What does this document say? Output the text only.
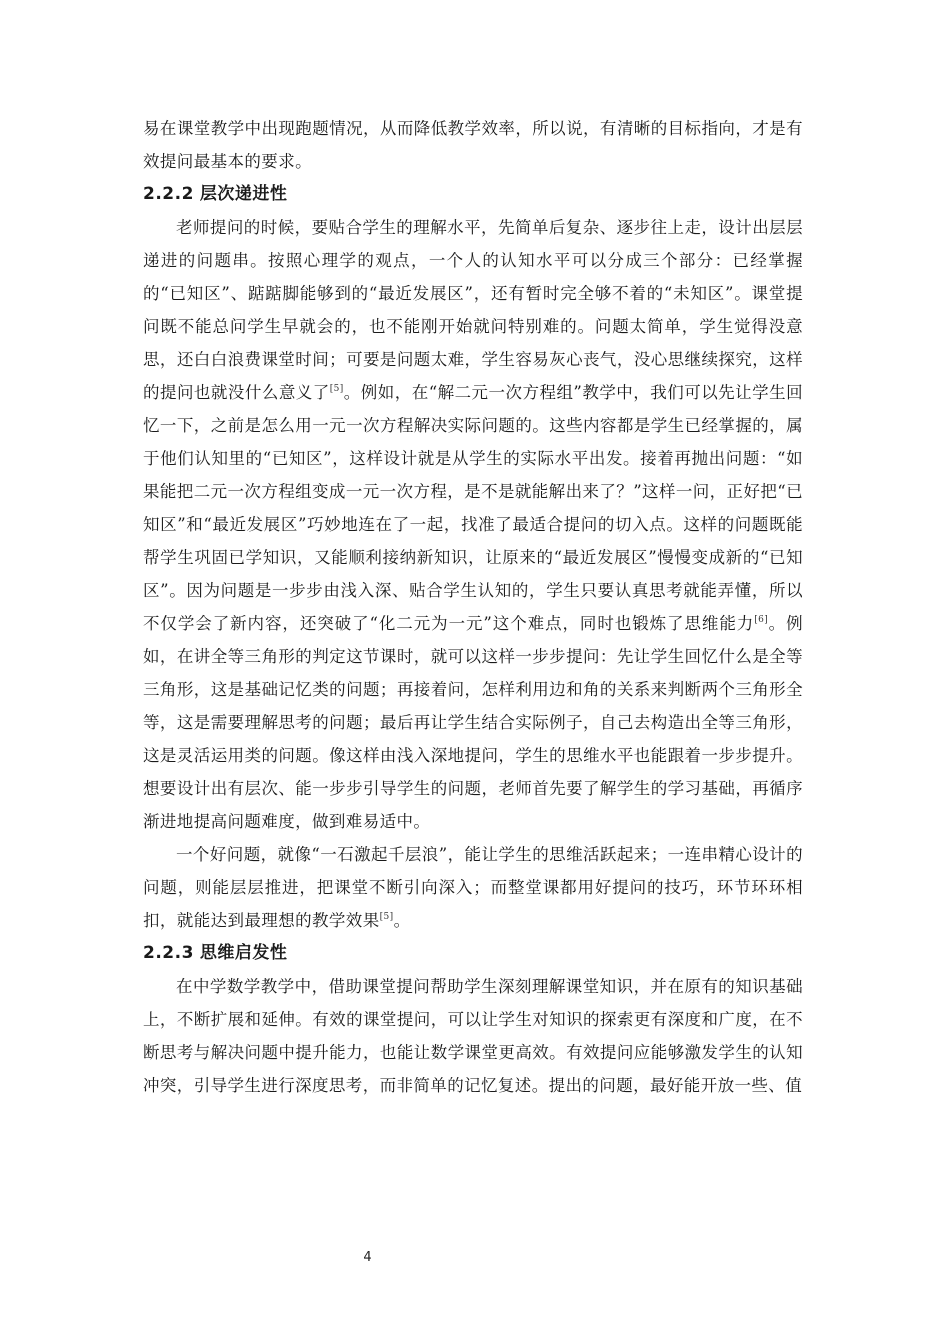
易在课堂教学中出现跑题情况，从而降低教学效率，所以说，有清晰的目标指向，才是有效提问最基本的要求。

2.2.2 层次递进性

老师提问的时候，要贴合学生的理解水平，先简单后复杂、逐步往上走，设计出层层递进的问题串。按照心理学的观点，一个人的认知水平可以分成三个部分：已经掌握的“已知区”、踮踮脚能够到的“最近发展区”，还有暂时完全够不着的“未知区”。课堂提问既不能总问学生早就会的，也不能刚开始就问特别难的。问题太简单，学生觉得没意思，还白白浪费课堂时间；可要是问题太难，学生容易灰心丧气，没心思继续探究，这样的提问也就没什么意义了[5]。例如，在“解二元一次方程组”教学中，我们可以先让学生回忆一下，之前是怎么用一元一次方程解决实际问题的。这些内容都是学生已经掌握的，属于他们认知里的“已知区”，这样设计就是从学生的实际水平出发。接着再抛出问题：“如果能把二元一次方程组变成一元一次方程，是不是就能解出来了？”这样一问，正好把“已知区”和“最近发展区”巧妙地连在了一起，找准了最适合提问的切入点。这样的问题既能帮学生巩固已学知识，又能顺利接纳新知识，让原来的“最近发展区”慢慢变成新的“已知区”。因为问题是一步步由浅入深、贴合学生认知的，学生只要认真思考就能弄懂，所以不仅学会了新内容，还突破了“化二元为一元”这个难点，同时也锻炼了思维能力[6]。例如，在讲全等三角形的判定这节课时，就可以这样一步步提问：先让学生回忆什么是全等三角形，这是基础记忆类的问题；再接着问，怎样利用边和角的关系来判断两个三角形全等，这是需要理解思考的问题；最后再让学生结合实际例子，自己去构造出全等三角形，这是灵活运用类的问题。像这样由浅入深地提问，学生的思维水平也能跟着一步步提升。想要设计出有层次、能一步步引导学生的问题，老师首先要了解学生的学习基础，再循序渐进地提高问题难度，做到难易适中。

一个好问题，就像“一石激起千层浪”，能让学生的思维活跃起来；一连串精心设计的问题，则能层层推进，把课堂不断引向深入；而整堂课都用好提问的技巧，环节环环相扣，就能达到最理想的教学效果[5]。

2.2.3 思维启发性

在中学数学教学中，借助课堂提问帮助学生深刻理解课堂知识，并在原有的知识基础上，不断扩展和延伸。有效的课堂提问，可以让学生对知识的探索更有深度和广度，在不断思考与解决问题中提升能力，也能让数学课堂更高效。有效提问应能够激发学生的认知冲突，引导学生进行深度思考，而非简单的记忆复述。提出的问题，最好能开放一些、值

4
